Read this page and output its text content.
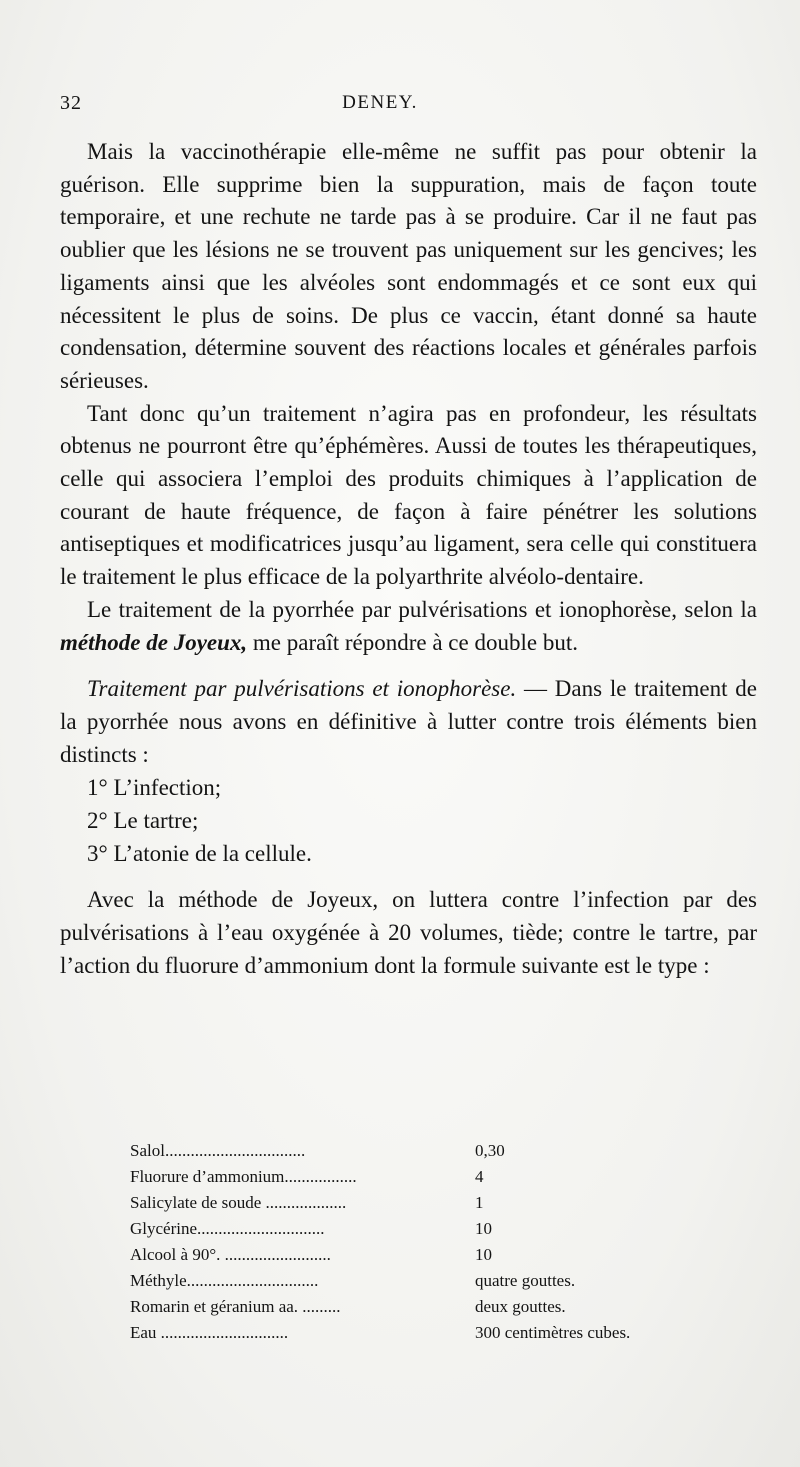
32	DENEY.

Mais la vaccinothérapie elle-même ne suffit pas pour obtenir la guérison. Elle supprime bien la suppuration, mais de façon toute temporaire, et une rechute ne tarde pas à se produire. Car il ne faut pas oublier que les lésions ne se trouvent pas uniquement sur les gencives; les ligaments ainsi que les alvéoles sont endommagés et ce sont eux qui nécessitent le plus de soins. De plus ce vaccin, étant donné sa haute condensation, détermine souvent des réactions locales et générales parfois sérieuses.

Tant donc qu’un traitement n’agira pas en profondeur, les résultats obtenus ne pourront être qu’éphémères. Aussi de toutes les thérapeutiques, celle qui associera l’emploi des produits chimiques à l’application de courant de haute fréquence, de façon à faire pénétrer les solutions antiseptiques et modificatrices jusqu’au ligament, sera celle qui constituera le traitement le plus efficace de la polyarthrite alvéolo-dentaire.

Le traitement de la pyorrhée par pulvérisations et ionophorèse, selon la méthode de Joyeux, me paraît répondre à ce double but.

Traitement par pulvérisations et ionophorèse. — Dans le traitement de la pyorrhée nous avons en définitive à lutter contre trois éléments bien distincts :

1° L’infection;
2° Le tartre;
3° L’atonie de la cellule.

Avec la méthode de Joyeux, on luttera contre l’infection par des pulvérisations à l’eau oxygénée à 20 volumes, tiède; contre le tartre, par l’action du fluorure d’ammonium dont la formule suivante est le type :

Salol.................................	0,30
Fluorure d’ammonium.................	4
Salicylate de soude ...................	1
Glycérine..............................	10
Alcool à 90°. .........................	10
Méthyle...............................	quatre gouttes.
Romarin et géranium aa. .........	deux gouttes.
Eau ..............................	300 centimètres cubes.
